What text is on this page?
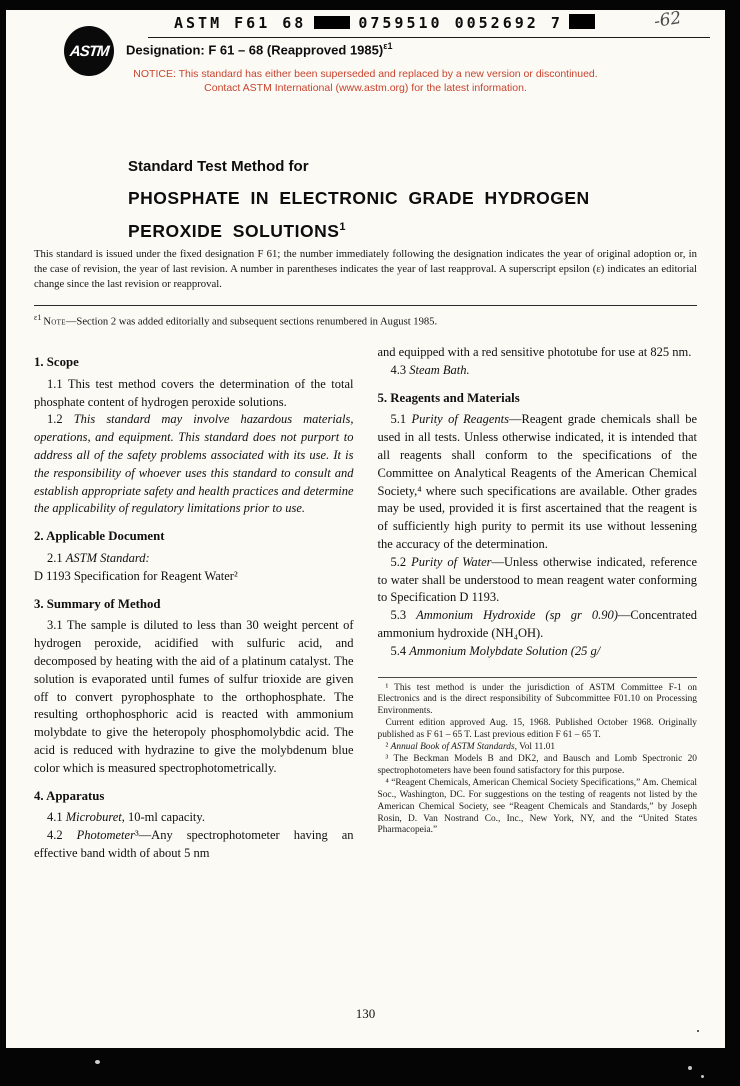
ASTM F61 68	0759510 0052692 7	-62
ASTM Designation: F 61 – 68 (Reapproved 1985)$^{\varepsilon 1}$
NOTICE: This standard has either been superseded and replaced by a new version or discontinued.
Contact ASTM International (www.astm.org) for the latest information.
Standard Test Method for
PHOSPHATE IN ELECTRONIC GRADE HYDROGEN
PEROXIDE SOLUTIONS$^1$
This standard is issued under the fixed designation F 61; the number immediately following the designation indicates the year of original adoption or, in the case of revision, the year of last revision. A number in parentheses indicates the year of last reapproval. A superscript epsilon (ε) indicates an editorial change since the last revision or reapproval.
$^{\varepsilon 1}$ Note—Section 2 was added editorially and subsequent sections renumbered in August 1985.

1. Scope

1.1 This test method covers the determination of the total phosphate content of hydrogen peroxide solutions.

1.2 This standard may involve hazardous materials, operations, and equipment. This standard does not purport to address all of the safety problems associated with its use. It is the responsibility of whoever uses this standard to consult and establish appropriate safety and health practices and determine the applicability of regulatory limitations prior to use.

2. Applicable Document

2.1 ASTM Standard:

D 1193 Specification for Reagent Water²

3. Summary of Method

3.1 The sample is diluted to less than 30 weight percent of hydrogen peroxide, acidified with sulfuric acid, and decomposed by heating with the aid of a platinum catalyst. The solution is evaporated until fumes of sulfur trioxide are given off to convert pyrophosphate to the orthophosphate. The resulting orthophosphoric acid is reacted with ammonium molybdate to give the heteropoly phosphomolybdic acid. The acid is reduced with hydrazine to give the molybdenum blue color which is measured spectrophotometrically.

4. Apparatus

4.1 Microburet, 10-ml capacity.

4.2 Photometer³—Any spectrophotometer having an effective band width of about 5 nm

and equipped with a red sensitive phototube for use at 825 nm.

4.3 Steam Bath.

5. Reagents and Materials

5.1 Purity of Reagents—Reagent grade chemicals shall be used in all tests. Unless otherwise indicated, it is intended that all reagents shall conform to the specifications of the Committee on Analytical Reagents of the American Chemical Society,⁴ where such specifications are available. Other grades may be used, provided it is first ascertained that the reagent is of sufficiently high purity to permit its use without lessening the accuracy of the determination.

5.2 Purity of Water—Unless otherwise indicated, reference to water shall be understood to mean reagent water conforming to Specification D 1193.

5.3 Ammonium Hydroxide (sp gr 0.90)—Concentrated ammonium hydroxide (NH₄OH).

5.4 Ammonium Molybdate Solution (25 g/

¹ This test method is under the jurisdiction of ASTM Committee F-1 on Electronics and is the direct responsibility of Subcommittee F01.10 on Processing Environments.

Current edition approved Aug. 15, 1968. Published October 1968. Originally published as F 61 – 65 T. Last previous edition F 61 – 65 T.

² Annual Book of ASTM Standards, Vol 11.01

³ The Beckman Models B and DK2, and Bausch and Lomb Spectronic 20 spectrophotometers have been found satisfactory for this purpose.

⁴ “Reagent Chemicals, American Chemical Society Specifications,” Am. Chemical Soc., Washington, DC. For suggestions on the testing of reagents not listed by the American Chemical Society, see “Reagent Chemicals and Standards,” by Joseph Rosin, D. Van Nostrand Co., Inc., New York, NY, and the “United States Pharmacopeia.”

130
